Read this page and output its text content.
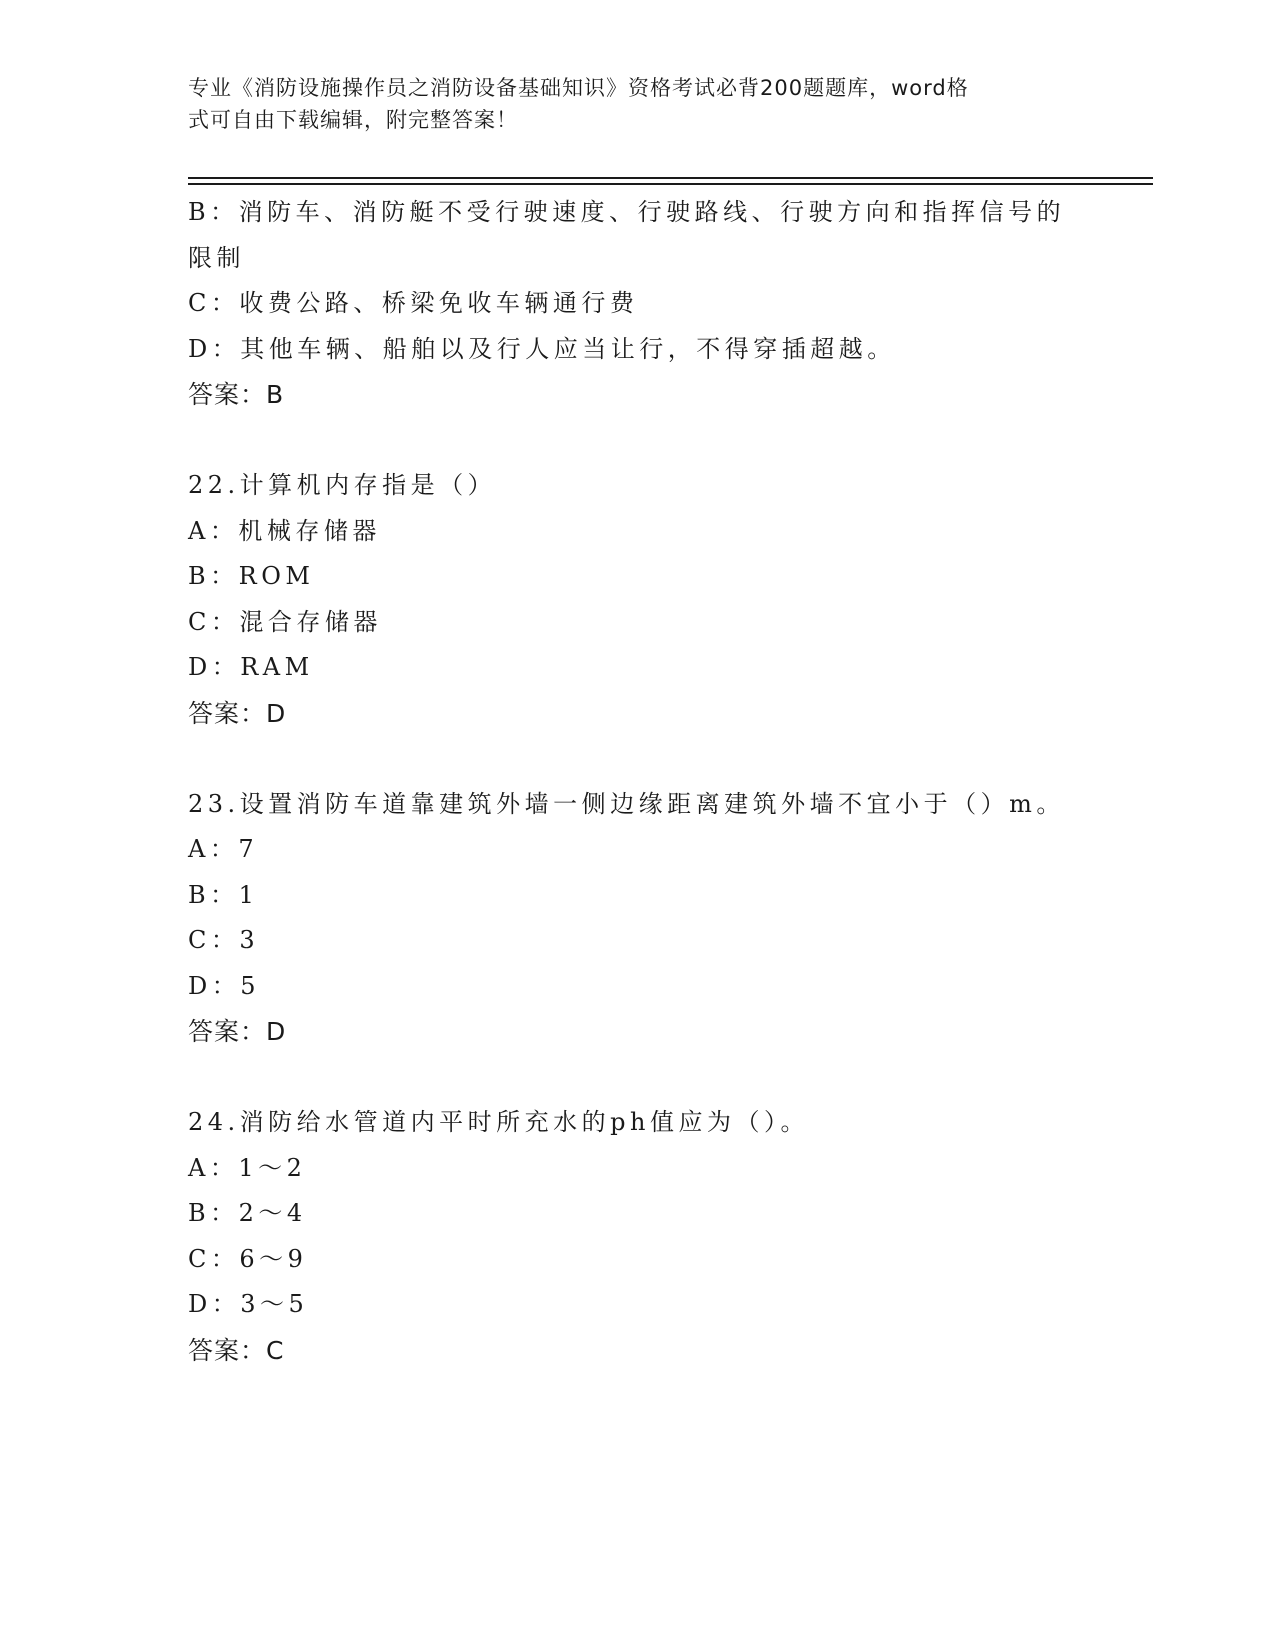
专业《消防设施操作员之消防设备基础知识》资格考试必背200题题库，word格
式可自由下载编辑，附完整答案！
B：消防车、消防艇不受行驶速度、行驶路线、行驶方向和指挥信号的
限制
C：收费公路、桥梁免收车辆通行费
D：其他车辆、船舶以及行人应当让行，不得穿插超越。
答案：B
22.计算机内存指是（）
A：机械存储器
B：ROM
C：混合存储器
D：RAM
答案：D
23.设置消防车道靠建筑外墙一侧边缘距离建筑外墙不宜小于（）m。
A：7
B：1
C：3
D：5
答案：D
24.消防给水管道内平时所充水的ph值应为（）。
A：1～2
B：2～4
C：6～9
D：3～5
答案：C
